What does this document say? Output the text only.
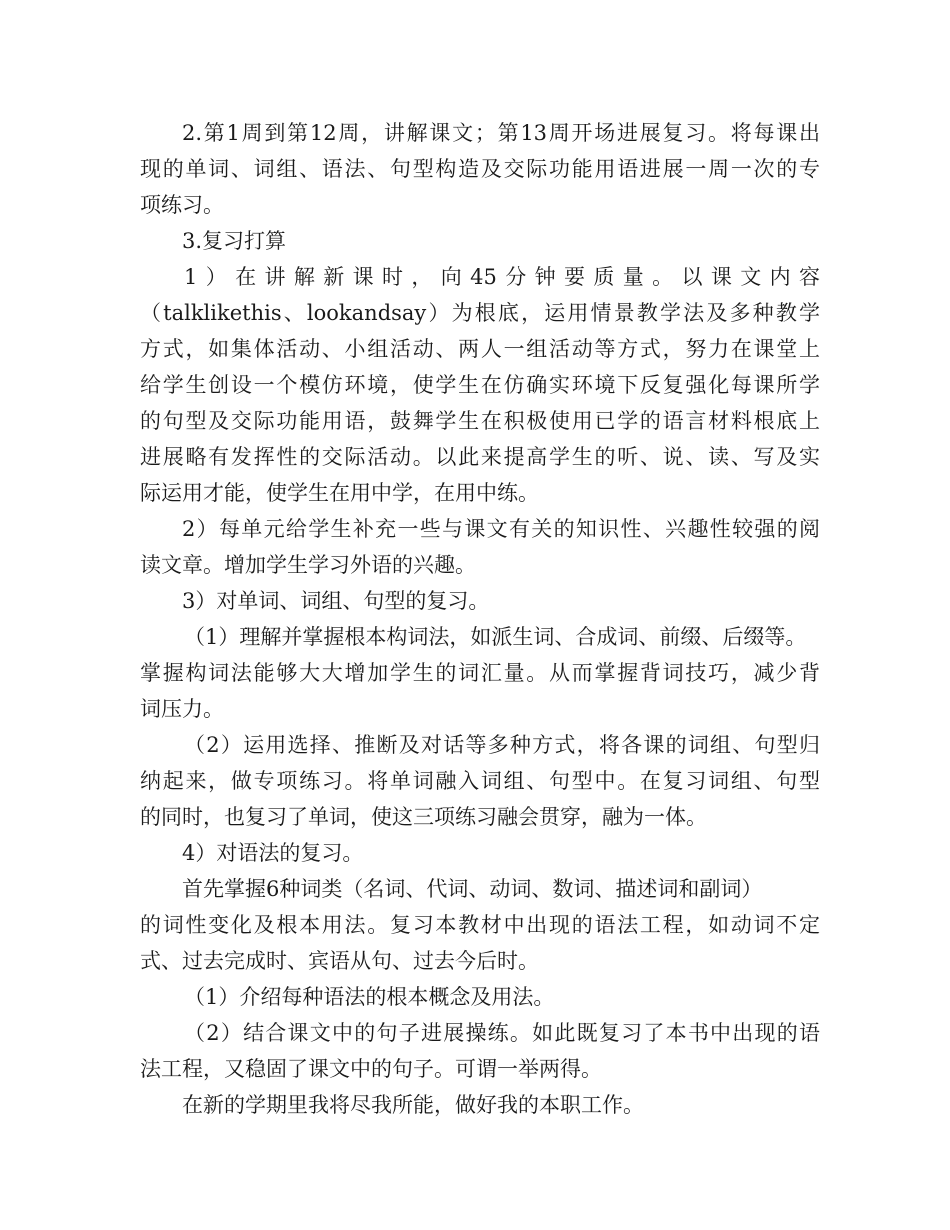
2.第1周到第12周，讲解课文；第13周开场进展复习。将每课出
现的单词、词组、语法、句型构造及交际功能用语进展一周一次的专
项练习。
3.复习打算
1）在讲解新课时，向45分钟要质量。以课文内容
（talklikethis、lookandsay）为根底，运用情景教学法及多种教学
方式，如集体活动、小组活动、两人一组活动等方式，努力在课堂上
给学生创设一个模仿环境，使学生在仿确实环境下反复强化每课所学
的句型及交际功能用语，鼓舞学生在积极使用已学的语言材料根底上
进展略有发挥性的交际活动。以此来提高学生的听、说、读、写及实
际运用才能，使学生在用中学，在用中练。
2）每单元给学生补充一些与课文有关的知识性、兴趣性较强的阅
读文章。增加学生学习外语的兴趣。
3）对单词、词组、句型的复习。
（1）理解并掌握根本构词法，如派生词、合成词、前缀、后缀等。
掌握构词法能够大大增加学生的词汇量。从而掌握背词技巧，减少背
词压力。
（2）运用选择、推断及对话等多种方式，将各课的词组、句型归
纳起来，做专项练习。将单词融入词组、句型中。在复习词组、句型
的同时，也复习了单词，使这三项练习融会贯穿，融为一体。
4）对语法的复习。
首先掌握6种词类（名词、代词、动词、数词、描述词和副词）
的词性变化及根本用法。复习本教材中出现的语法工程，如动词不定
式、过去完成时、宾语从句、过去今后时。
（1）介绍每种语法的根本概念及用法。
（2）结合课文中的句子进展操练。如此既复习了本书中出现的语
法工程，又稳固了课文中的句子。可谓一举两得。
在新的学期里我将尽我所能，做好我的本职工作。
